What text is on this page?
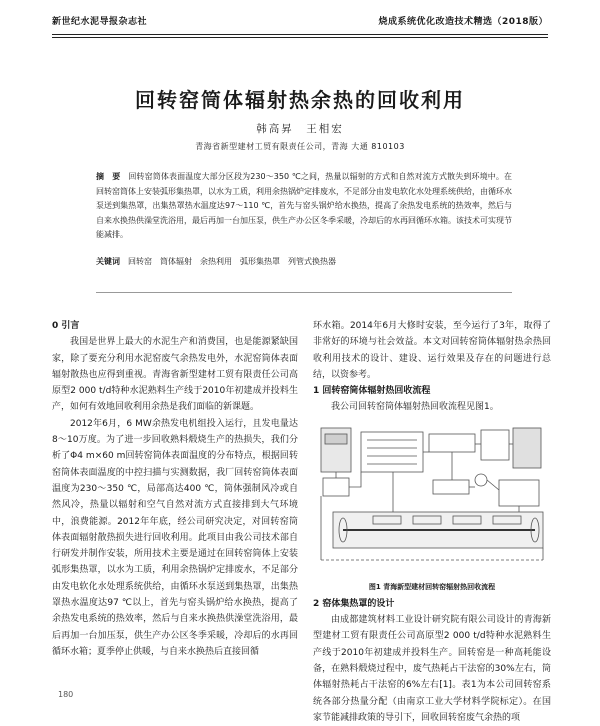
新世纪水泥导报杂志社	烧成系统优化改造技术精选（2018版）
回转窑筒体辐射热余热的回收利用
韩高昇　王相宏
青海省新型建材工贸有限责任公司，青海 大通 810103
摘　要 回转窑筒体表面温度大部分区段为230～350 ℃之间，热量以辐射的方式和自然对流方式散失到环境中。在回转窑筒体上安装弧形集热罩，以水为工质，利用余热锅炉定排废水，不足部分由发电软化水处理系统供给，由循环水泵送到集热罩，出集热罩热水温度达97～110 ℃，首先与窑头锅炉给水换热，提高了余热发电系统的热效率，然后与自来水换热供澡堂洗浴用，最后再加一台加压泵，供生产办公区冬季采暖，冷却后的水再回循环水箱。该技术可实现节能减排。
关键词 回转窑　筒体辐射　余热利用　弧形集热罩　列管式换热器
0 引言

我国是世界上最大的水泥生产和消费国，也是能源紧缺国家，除了要充分利用水泥窑废气余热发电外，水泥窑筒体表面辐射散热也应得到重视。青海省新型建材工贸有限责任公司高原型2 000 t/d特种水泥熟料生产线于2010年初建成并投料生产，如何有效地回收利用余热是我们面临的新课题。

2012年6月，6 MW余热发电机组投入运行，且发电量达8～10万度。为了进一步回收熟料煅烧生产的热损失，我们分析了Φ4 m×60 m回转窑筒体表面温度的分布特点，根据回转窑筒体表面温度的中控扫描与实测数据，我厂回转窑筒体表面温度为230～350 ℃，局部高达400 ℃，筒体强制风冷或自然风冷，热量以辐射和空气自然对流方式直接排到大气环境中，浪费能源。2012年年底，经公司研究决定，对回转窑筒体表面辐射散热损失进行回收利用。此项目由我公司技术部自行研发并制作安装，所用技术主要是通过在回转窑筒体上安装弧形集热罩，以水为工质，利用余热锅炉定排废水，不足部分由发电软化水处理系统供给，由循环水泵送到集热罩，出集热罩热水温度达97 ℃以上，首先与窑头锅炉给水换热，提高了余热发电系统的热效率，然后与自来水换热供澡堂洗浴用，最后再加一台加压泵，供生产办公区冬季采暖，冷却后的水再回循环水箱；夏季停止供暖，与自来水换热后直接回循

环水箱。2014年6月大修时安装，至今运行了3年，取得了非常好的环境与社会效益。本文对回转窑筒体辐射热余热回收利用技术的设计、建设、运行效果及存在的问题进行总结，以资参考。

1 回转窑筒体辐射热回收流程

我公司回转窑筒体辐射热回收流程见图1。

图1 青海新型建材回转窑辐射热回收流程
2 窑体集热罩的设计

由成都建筑材料工业设计研究院有限公司设计的青海新型建材工贸有限责任公司高原型2 000 t/d特种水泥熟料生产线于2010年初建成并投料生产。回转窑是一种高耗能设备，在熟料煅烧过程中，废气热耗占干法窑的30%左右，筒体辐射热耗占干法窑的6%左右[1]。表1为本公司回转窑系统各部分热量分配（由南京工业大学材料学院标定）。在国家节能减排政策的导引下，回收回转窑废气余热的项

180
